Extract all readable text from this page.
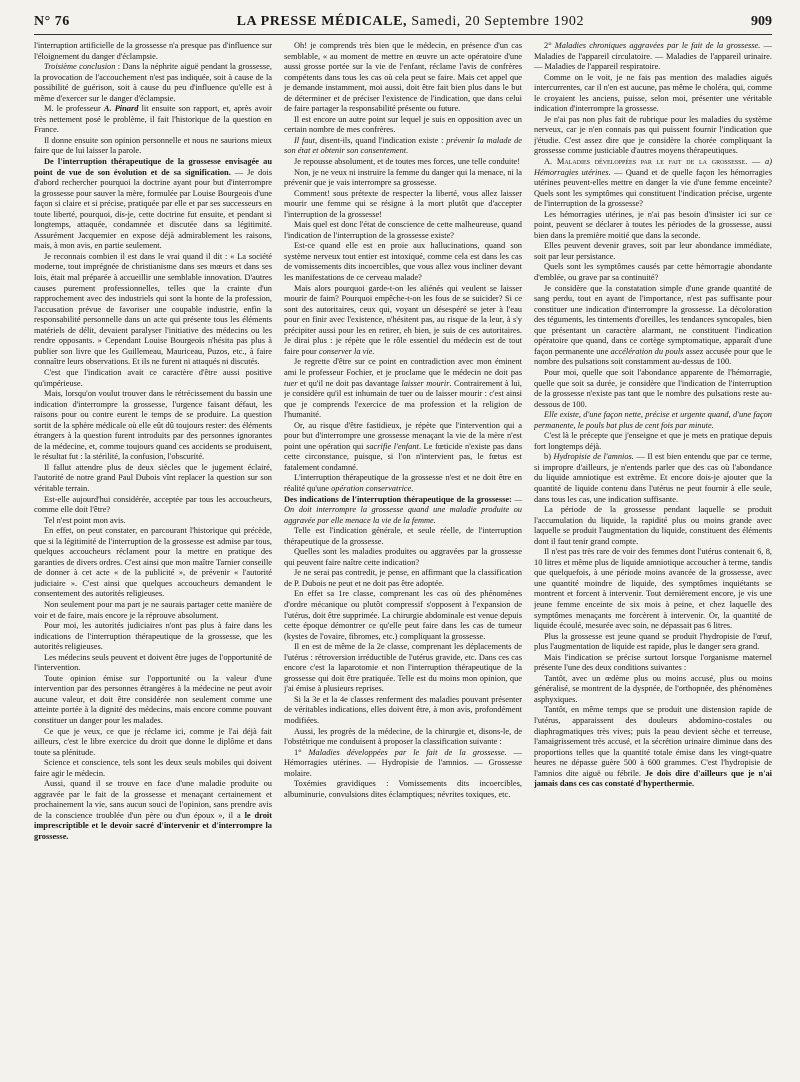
N° 76	LA PRESSE MÉDICALE, Samedi, 20 Septembre 1902	909

l'interruption artificielle de la grossesse n'a presque pas d'influence sur l'éloignement du danger d'éclampsie.

Troisième conclusion : Dans la néphrite aiguë pendant la grossesse, la provocation de l'accouchement n'est pas indiquée, soit à cause de la possibilité de guérison, soit à cause du peu d'influence qu'elle est à même d'exercer sur le danger d'éclampsie.

M. le professeur A. Pinard lit ensuite son rapport, et, après avoir très nettement posé le problème, il fait l'historique de la question en France.

Il donne ensuite son opinion personnelle et nous ne saurions mieux faire que de lui laisser la parole.

De l'interruption thérapeutique de la grossesse envisagée au point de vue de son évolution et de sa signification. — Je dois d'abord rechercher pourquoi la doctrine ayant pour but d'interrompre la grossesse pour sauver la mère, formulée par Louise Bourgeois d'une façon si claire et si précise, pratiquée par elle et par ses successeurs en toute liberté, pourquoi, dis-je, cette doctrine fut ensuite, et pendant si longtemps, attaquée, condamnée et discutée dans sa légitimité. Assurément Jacquemier en expose déjà admirablement les raisons, mais, à mon avis, en partie seulement.

Je reconnais combien il est dans le vrai quand il dit : « La société moderne, tout imprégnée de christianisme dans ses mœurs et dans ses lois, était mal préparée à accueillir une semblable innovation. D'autres causes purement professionnelles, telles que la crainte d'un rapprochement avec des industriels qui sont la honte de la profession, l'accusation prévue de favoriser une coupable industrie, enfin la responsabilité personnelle dans un acte qui présente tous les éléments matériels de délit, devaient paralyser l'initiative des médecins ou les rendre opposants. » Cependant Louise Bourgeois n'hésita pas plus à publier son livre que les Guillemeau, Mauriceau, Puzos, etc., à faire connaître leurs observations. Et ils ne furent ni attaqués ni discutés.

C'est que l'indication avait ce caractère d'être aussi positive qu'impérieuse.

Mais, lorsqu'on voulut trouver dans le rétrécissement du bassin une indication d'interrompre la grossesse, l'urgence faisant défaut, les raisons pour ou contre eurent le temps de se produire. La question sortit de la sphère médicale où elle eût dû toujours rester: des éléments étrangers à la question furent introduits par des personnes ignorantes de la médecine, et, comme toujours quand ces accidents se produisent, le résultat fut : la stérilité, la confusion, l'obscurité.

Il fallut attendre plus de deux siècles que le jugement éclairé, l'autorité de notre grand Paul Dubois vînt replacer la question sur son véritable terrain.

Est-elle aujourd'hui considérée, acceptée par tous les accoucheurs, comme elle doit l'être?

Tel n'est point mon avis.

En effet, on peut constater, en parcourant l'historique qui précède, que si la légitimité de l'interruption de la grossesse est admise par tous, quelques accoucheurs réclament pour la mettre en pratique des garanties de divers ordres. C'est ainsi que mon maître Tarnier conseille de donner à cet acte « de la publicité », de prévenir « l'autorité judiciaire ». C'est ainsi que quelques accoucheurs demandent le consentement des autorités religieuses.

Non seulement pour ma part je ne saurais partager cette manière de voir et de faire, mais encore je la réprouve absolument.

Pour moi, les autorités judiciaires n'ont pas plus à faire dans les indications de l'interruption thérapeutique de la grossesse, que les autorités religieuses.

Les médecins seuls peuvent et doivent être juges de l'opportunité de l'intervention.

Toute opinion émise sur l'opportunité ou la valeur d'une intervention par des personnes étrangères à la médecine ne peut avoir aucune valeur, et doit être considérée non seulement comme une atteinte portée à la dignité des médecins, mais encore comme pouvant constituer un danger pour les malades.

Ce que je veux, ce que je réclame ici, comme je l'ai déjà fait ailleurs, c'est le libre exercice du droit que donne le diplôme et dans toute sa plénitude.

Science et conscience, tels sont les deux seuls mobiles qui doivent faire agir le médecin.

Aussi, quand il se trouve en face d'une maladie produite ou aggravée par le fait de la grossesse et menaçant certainement et prochainement la vie, sans aucun souci de l'opinion, sans prendre avis de la conscience troublée d'un père ou d'un époux », il a le droit imprescriptible et le devoir sacré d'intervenir et d'interrompre la grossesse.

Oh! je comprends très bien que le médecin, en présence d'un cas semblable, « au moment de mettre en œuvre un acte opératoire d'une aussi grosse portée sur la vie de l'enfant, réclame l'avis de confrères compétents dans tous les cas où cela peut se faire. Mais cet appel que je demande instamment, moi aussi, doit être fait bien plus dans le but de déterminer et de préciser l'existence de l'indication, que dans celui de faire partager la responsabilité présente ou future.

Il est encore un autre point sur lequel je suis en opposition avec un certain nombre de mes confrères.

Il faut, disent-ils, quand l'indication existe : prévenir la malade de son état et obtenir son consentement.

Je repousse absolument, et de toutes mes forces, une telle conduite!

Non, je ne veux ni instruire la femme du danger qui la menace, ni la prévenir que je vais interrompre sa grossesse.

Comment! sous prétexte de respecter la liberté, vous allez laisser mourir une femme qui se résigne à la mort plutôt que d'accepter l'interruption de la grossesse!

Mais quel est donc l'état de conscience de cette malheureuse, quand l'indication de l'interruption de la grossesse existe?

Est-ce quand elle est en proie aux hallucinations, quand son système nerveux tout entier est intoxiqué, comme cela est dans les cas de vomissements dits incoercibles, que vous allez vous incliner devant les manifestations de ce cerveau malade?

Mais alors pourquoi garde-t-on les aliénés qui veulent se laisser mourir de faim? Pourquoi empêche-t-on les fous de se suicider? Si ce sont des autoritaires, ceux qui, voyant un désespéré se jeter à l'eau pour en finir avec l'existence, n'hésitent pas, au risque de la leur, à s'y précipiter aussi pour les en retirer, eh bien, je suis de ces autoritaires. Je dirai plus : je répète que le rôle essentiel du médecin est de tout faire pour conserver la vie.

Je regrette d'être sur ce point en contradiction avec mon éminent ami le professeur Fochier, et je proclame que le médecin ne doit pas tuer et qu'il ne doit pas davantage laisser mourir. Contrairement à lui, je considère qu'il est inhumain de tuer ou de laisser mourir : c'est ainsi que je comprends l'exercice de ma profession et la religion de l'humanité.

Or, au risque d'être fastidieux, je répète que l'intervention qui a pour but d'interrompre une grossesse menaçant la vie de la mère n'est point une opération qui sacrifie l'enfant. Le fœticide n'existe pas dans cette circonstance, puisque, si l'on n'intervient pas, le fœtus est fatalement condamné.

L'interruption thérapeutique de la grossesse n'est et ne doit être en réalité qu'une opération conservatrice.

Des indications de l'interruption thérapeutique de la grossesse: — On doit interrompre la grossesse quand une maladie produite ou aggravée par elle menace la vie de la femme.

Telle est l'indication générale, et seule réelle, de l'interruption thérapeutique de la grossesse.

Quelles sont les maladies produites ou aggravées par la grossesse qui peuvent faire naître cette indication?

Je ne serai pas contredit, je pense, en affirmant que la classification de P. Dubois ne peut et ne doit pas être adoptée.

En effet sa 1re classe, comprenant les cas où des phénomènes d'ordre mécanique ou plutôt compressif s'opposent à l'expansion de l'utérus, doit être supprimée. La chirurgie abdominale est venue depuis cette époque démontrer ce qu'elle peut faire dans les cas de tumeur (kystes de l'ovaire, fibromes, etc.) compliquant la grossesse.

Il en est de même de la 2e classe, comprenant les déplacements de l'utérus : rétroversion irréductible de l'utérus gravide, etc. Dans ces cas encore c'est la laparotomie et non l'interruption thérapeutique de la grossesse qui doit être pratiquée. Telle est du moins mon opinion, que j'ai émise à plusieurs reprises.

Si la 3e et la 4e classes renferment des maladies pouvant présenter de véritables indications, elles doivent être, à mon avis, profondément modifiées.

Aussi, les progrès de la médecine, de la chirurgie et, disons-le, de l'obstétrique me conduisent à proposer la classification suivante :

1° Maladies développées par le fait de la grossesse. — Hémorragies utérines. — Hydropisie de l'amnios. — Grossesse molaire.

Toxémies gravidiques : Vomissements dits incoercibles, albuminurie, convulsions dites éclamptiques; névrites toxiques, etc.

2° Maladies chroniques aggravées par le fait de la grossesse. — Maladies de l'appareil circulatoire. — Maladies de l'appareil urinaire. — Maladies de l'appareil respiratoire.

Comme on le voit, je ne fais pas mention des maladies aiguës intercurrentes, car il n'en est aucune, pas même le choléra, qui, comme le croyaient les anciens, puisse, selon moi, présenter une véritable indication d'interrompre la grossesse.

Je n'ai pas non plus fait de rubrique pour les maladies du système nerveux, car je n'en connais pas qui puissent fournir l'indication que j'étudie. C'est assez dire que je considère la chorée compliquant la grossesse comme justiciable d'autres moyens thérapeutiques.

A. Maladies développées par le fait de la grossesse. — a) Hémorragies utérines. — Quand et de quelle façon les hémorragies utérines peuvent-elles mettre en danger la vie d'une femme enceinte? Quels sont les symptômes qui constituent l'indication précise, urgente de l'interruption de la grossesse?

Les hémorragies utérines, je n'ai pas besoin d'insister ici sur ce point, peuvent se déclarer à toutes les périodes de la grossesse, aussi bien dans la première moitié que dans la seconde.

Elles peuvent devenir graves, soit par leur abondance immédiate, soit par leur persistance.

Quels sont les symptômes causés par cette hémorragie abondante d'emblée, ou grave par sa continuité?

Je considère que la constatation simple d'une grande quantité de sang perdu, tout en ayant de l'importance, n'est pas suffisante pour constituer une indication d'interrompre la grossesse. La décoloration des téguments, les tintements d'oreilles, les tendances syncopales, bien que présentant un caractère alarmant, ne constituent l'indication opératoire que quand, dans ce cortège symptomatique, apparaît d'une façon permanente une accélération du pouls assez accusée pour que le nombre des pulsations soit constamment au-dessus de 100.

Pour moi, quelle que soit l'abondance apparente de l'hémorragie, quelle que soit sa durée, je considère que l'indication de l'interruption de la grossesse n'existe pas tant que le nombre des pulsations reste au-dessous de 100.

Elle existe, d'une façon nette, précise et urgente quand, d'une façon permanente, le pouls bat plus de cent fois par minute.

C'est là le précepte que j'enseigne et que je mets en pratique depuis fort longtemps déjà.

b) Hydropisie de l'amnios. — Il est bien entendu que par ce terme, si impropre d'ailleurs, je n'entends parler que des cas où l'abondance du liquide amniotique est extrême. Et encore dois-je ajouter que la quantité de liquide contenu dans l'utérus ne peut fournir à elle seule, dans tous les cas, une indication suffisante.

La période de la grossesse pendant laquelle se produit l'accumulation du liquide, la rapidité plus ou moins grande avec laquelle se produit l'augmentation du liquide, constituent des éléments dont il faut tenir grand compte.

Il n'est pas très rare de voir des femmes dont l'utérus contenait 6, 8, 10 litres et même plus de liquide amniotique accoucher à terme, tandis que quelquefois, à une période moins avancée de la grossesse, avec une quantité moindre de liquide, des symptômes inquiétants se montrent et forcent à intervenir. Tout dernièrement encore, je vis une jeune femme enceinte de six mois à peine, et chez laquelle des symptômes menaçants me forcèrent à intervenir. Or, la quantité de liquide écoulé, mesurée avec soin, ne dépassait pas 6 litres.

Plus la grossesse est jeune quand se produit l'hydropisie de l'œuf, plus l'augmentation de liquide est rapide, plus le danger sera grand.

Mais l'indication se précise surtout lorsque l'organisme maternel présente l'une des deux conditions suivantes :

Tantôt, avec un œdème plus ou moins accusé, plus ou moins généralisé, se montrent de la dyspnée, de l'orthopnée, des phénomènes asphyxiques.

Tantôt, en même temps que se produit une distension rapide de l'utérus, apparaissent des douleurs abdomino-costales ou diaphragmatiques très vives; puis la peau devient sèche et terreuse, l'amaigrissement très accusé, et la sécrétion urinaire diminue dans des proportions telles que la quantité totale émise dans les vingt-quatre heures ne dépasse guère 500 à 600 grammes. C'est l'hydropisie de l'amnios dite aiguë ou fébrile. Je dois dire d'ailleurs que je n'ai jamais dans ces cas constaté d'hyperthermie.
